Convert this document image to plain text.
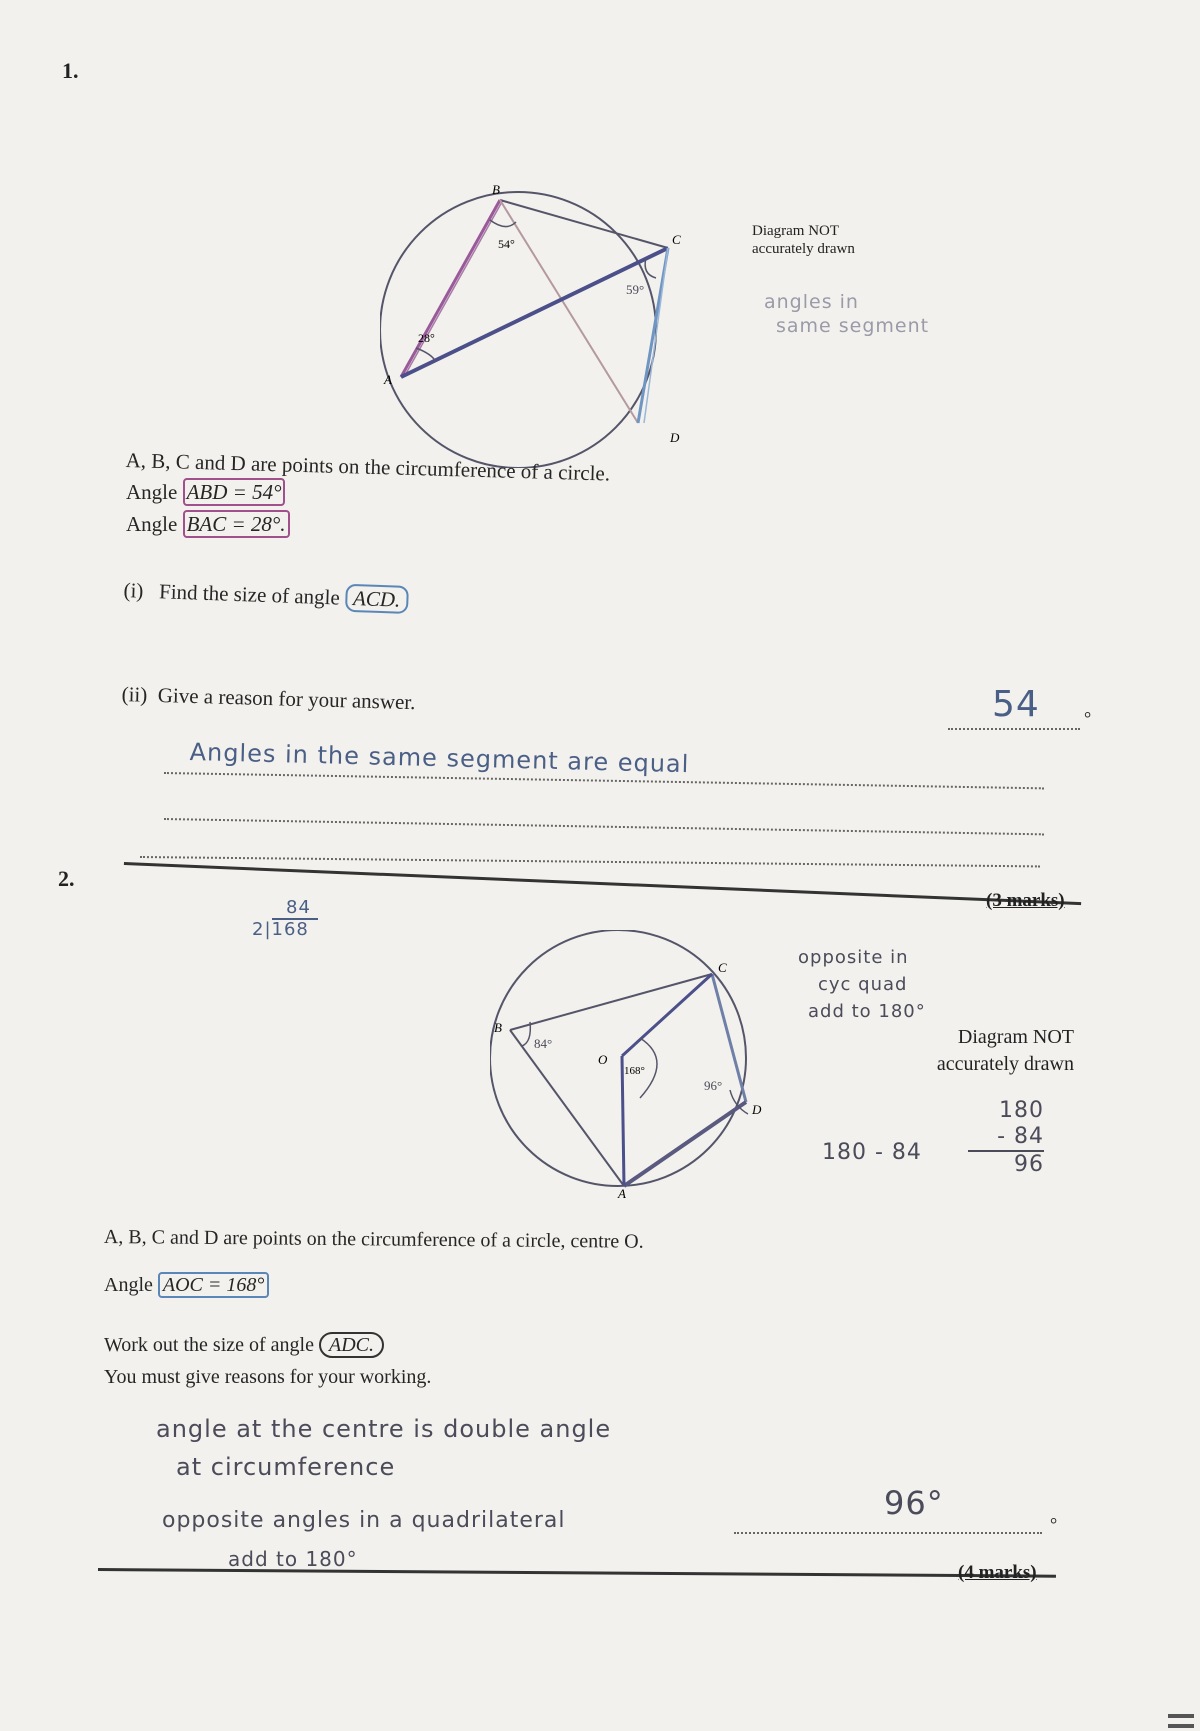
1.
B
A
C
D
54°
28°
59°
Diagram NOT
accurately drawn
angles in
same segment
A, B, C and D are points on the circumference of a circle.
Angle ABD = 54°
Angle BAC = 28°.
(i) Find the size of angle ACD.
(ii) Give a reason for your answer.	54 °
Angles in the same segment are equal
(3 marks)
2.
84
2|168
B
C
D
A
O
84°
168°
96°
opposite in
cyc quad
add to 180°
Diagram NOT
accurately drawn
180 - 84
180
- 84
96
A, B, C and D are points on the circumference of a circle, centre O.
Angle AOC = 168°
Work out the size of angle ADC.
You must give reasons for your working.
angle at the centre is double angle
at circumference
opposite angles in a quadrilateral
add to 180°
96°
°
(4 marks)
